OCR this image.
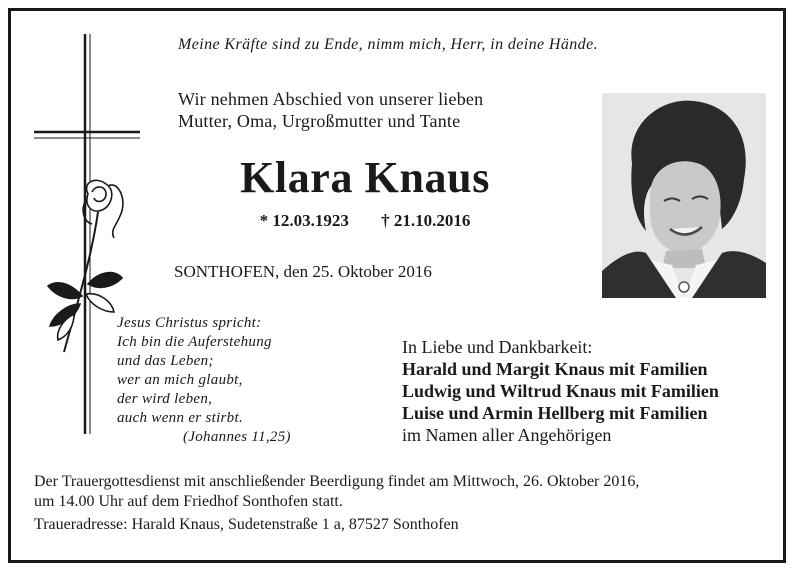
Meine Kräfte sind zu Ende, nimm mich, Herr, in deine Hände.
Wir nehmen Abschied von unserer lieben
Mutter, Oma, Urgroßmutter und Tante
Klara Knaus
* 12.03.1923 † 21.10.2016
SONTHOFEN, den 25. Oktober 2016
Jesus Christus spricht:
Ich bin die Auferstehung
und das Leben;
wer an mich glaubt,
der wird leben,
auch wenn er stirbt.
(Johannes 11,25)
In Liebe und Dankbarkeit:
Harald und Margit Knaus mit Familien
Ludwig und Wiltrud Knaus mit Familien
Luise und Armin Hellberg mit Familien
im Namen aller Angehörigen
Der Trauergottesdienst mit anschließender Beerdigung findet am Mittwoch, 26. Oktober 2016,
um 14.00 Uhr auf dem Friedhof Sonthofen statt.
Traueradresse: Harald Knaus, Sudetenstraße 1 a, 87527 Sonthofen
